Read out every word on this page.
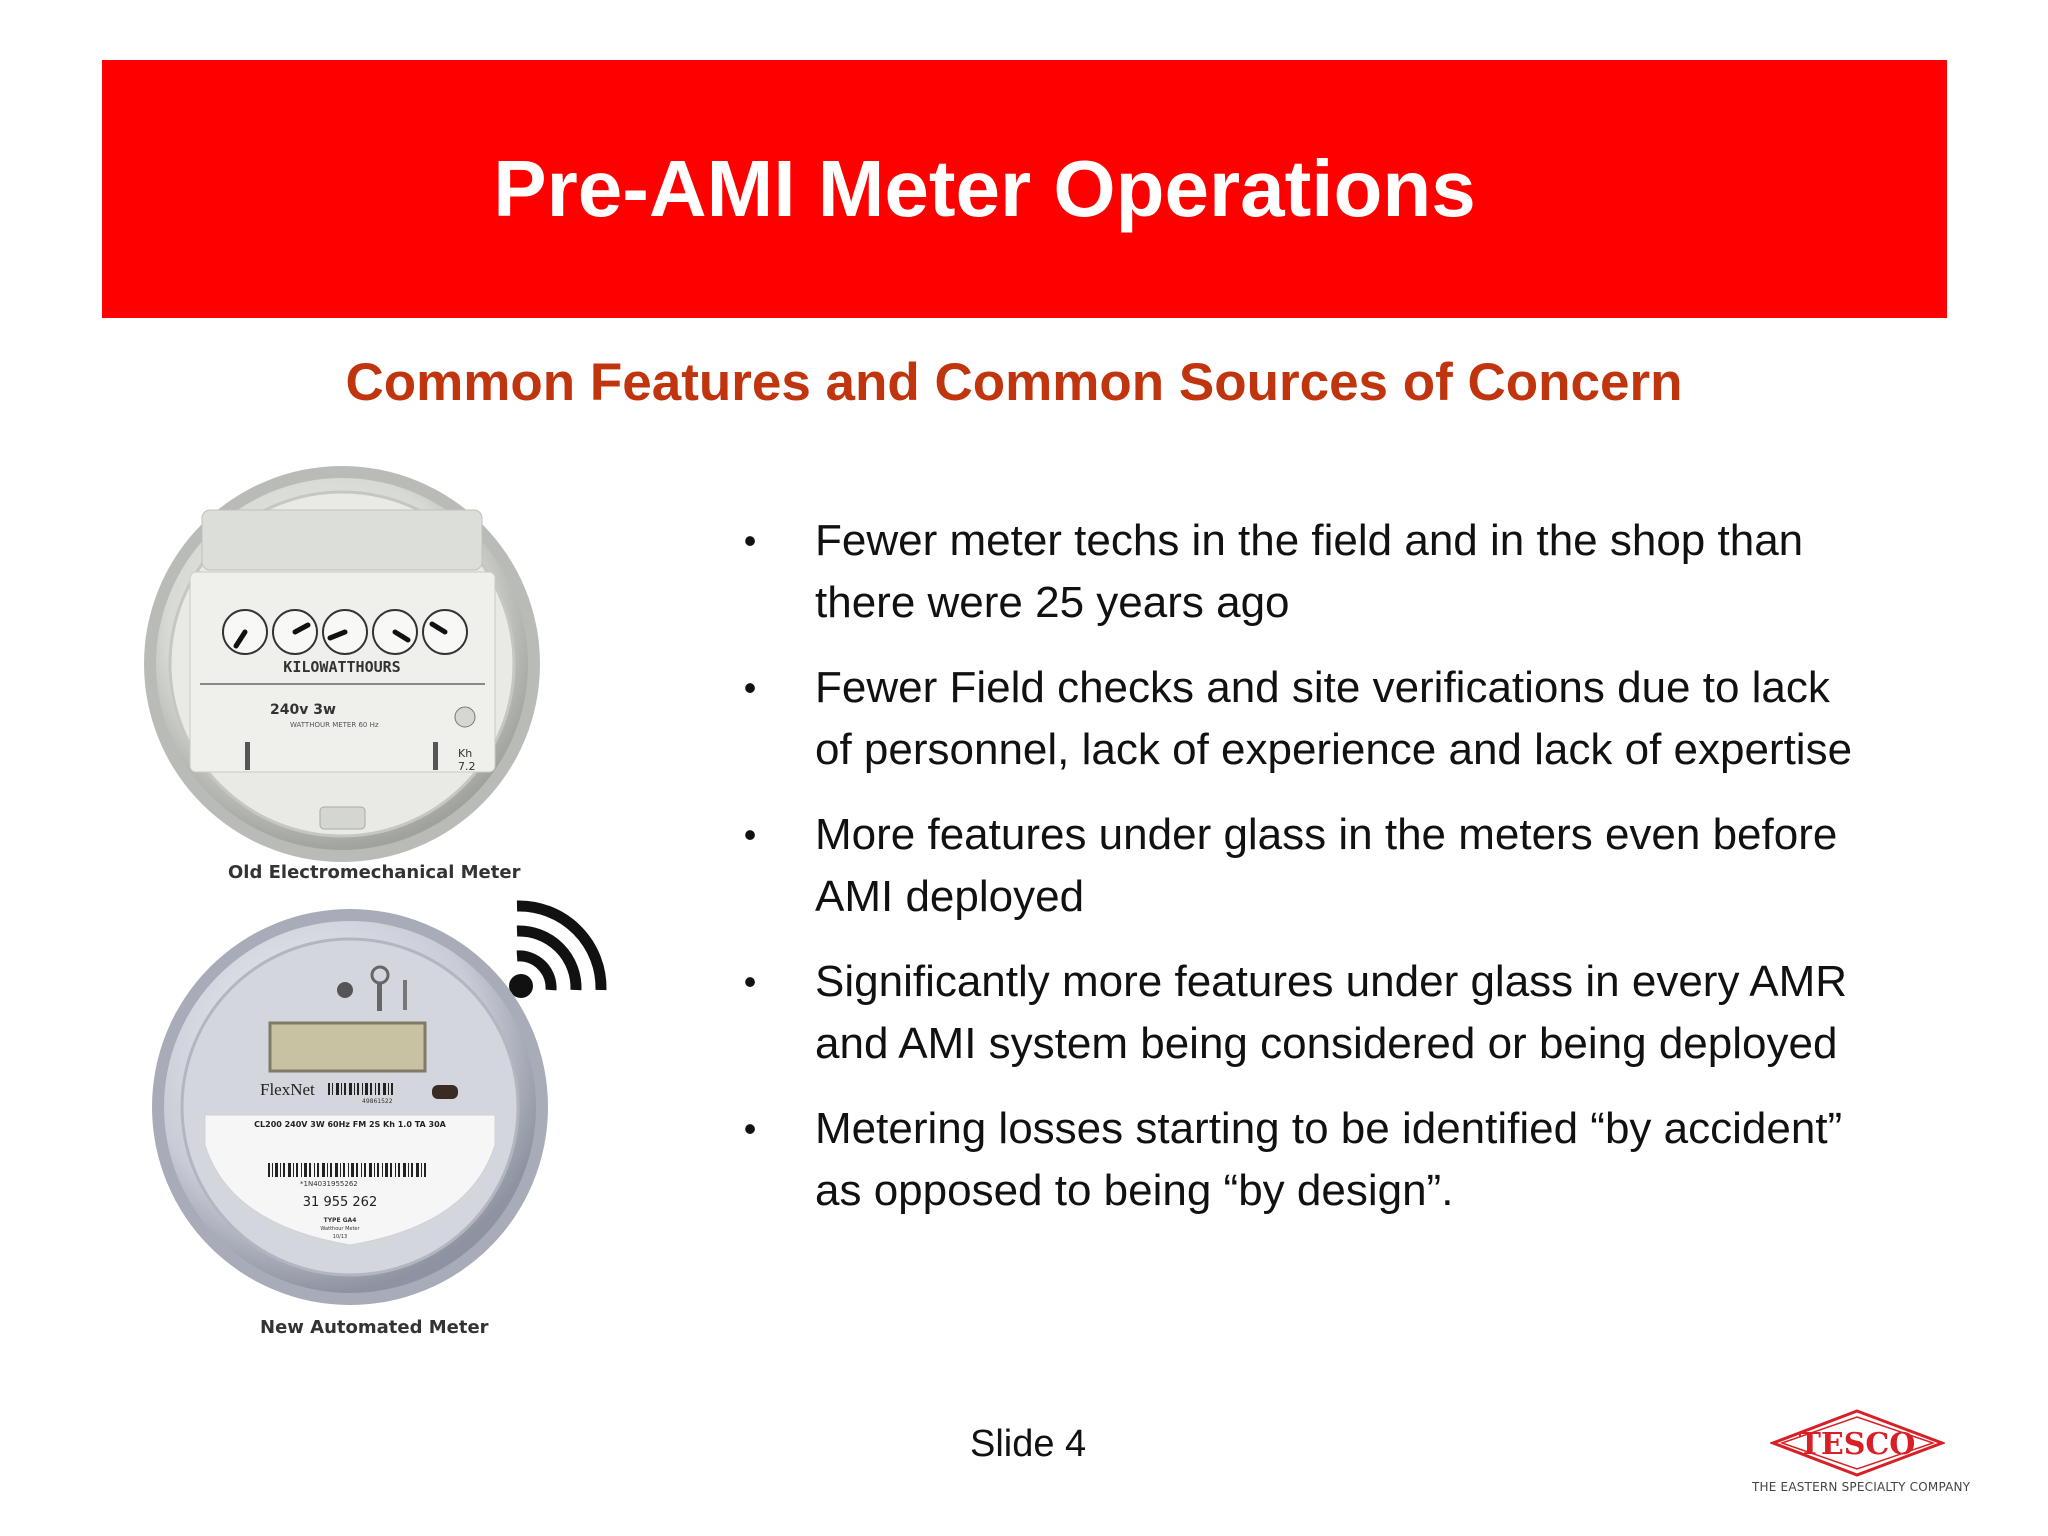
Pre-AMI Meter Operations
Common Features and Common Sources of Concern
KILOWATTHOURS
240v 3w
WATTHOUR METER 60 Hz
Kh
7.2
Old Electromechanical Meter
FlexNet
49861522
CL200 240V 3W 60Hz FM 2S Kh 1.0 TA 30A
*1N4031955262
31 955 262
TYPE GA4
Watthour Meter
10/13
New Automated Meter
• Fewer meter techs in the field and in the shop than
there were 25 years ago
• Fewer Field checks and site verifications due to lack
of personnel, lack of experience and lack of expertise
• More features under glass in the meters even before
AMI deployed
• Significantly more features under glass in every AMR
and AMI system being considered or being deployed
• Metering losses starting to be identified “by accident”
as opposed to being “by design”.
Slide 4	TESCO
THE EASTERN SPECIALTY COMPANY
